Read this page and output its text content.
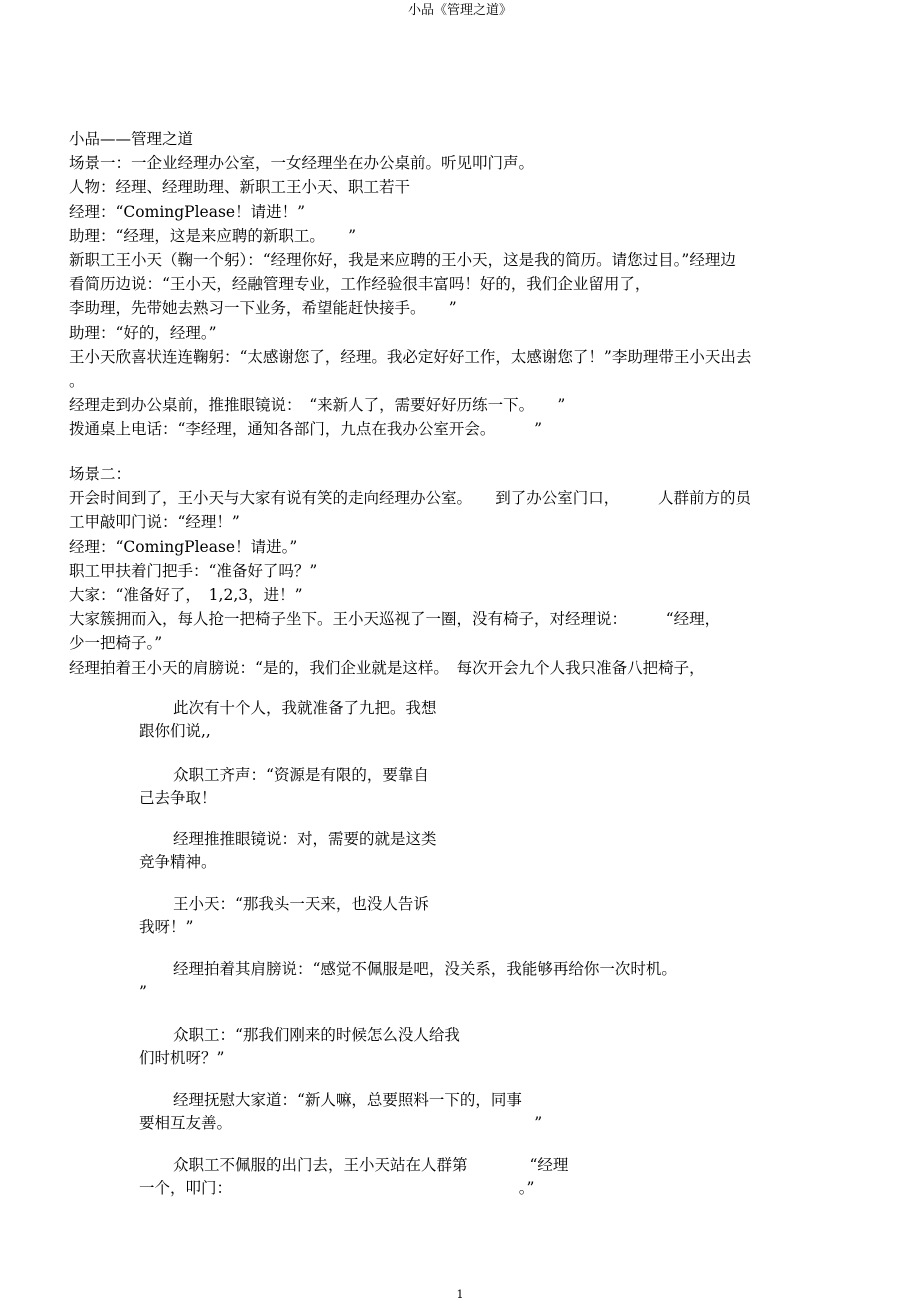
小品《管理之道》

小品——管理之道

场景一：一企业经理办公室，一女经理坐在办公桌前。听见叩门声。

人物：经理、经理助理、新职工王小天、职工若干

经理：“ComingPlease！请进！”

助理：“经理，这是来应聘的新职工。　　”

新职工王小天（鞠一个躬）：“经理你好，我是来应聘的王小天，这是我的简历。请您过目。”经理边

看简历边说：“王小天，经融管理专业，工作经验很丰富吗！好的，我们企业留用了，

李助理，先带她去熟习一下业务，希望能赶快接手。　　”

助理：“好的，经理。”

王小天欣喜状连连鞠躬：“太感谢您了，经理。我必定好好工作，太感谢您了！”李助理带王小天出去

。

经理走到办公桌前，推推眼镜说：　“来新人了，需要好好历练一下。　　”

拨通桌上电话：“李经理，通知各部门，九点在我办公室开会。　　　”

场景二：

开会时间到了，王小天与大家有说有笑的走向经理办公室。　　到了办公室门口，　　　人群前方的员

工甲敲叩门说：“经理！”

经理：“ComingPlease！请进。”

职工甲扶着门把手：“准备好了吗？”

大家：“准备好了，　1,2,3，进！”

大家簇拥而入，每人抢一把椅子坐下。王小天巡视了一圈，没有椅子，对经理说：　　　“经理，

少一把椅子。”

经理拍着王小天的肩膀说：“是的，我们企业就是这样。　每次开会九个人我只准备八把椅子，

此次有十个人，我就准备了九把。我想

跟你们说,,

众职工齐声：“资源是有限的，要靠自

己去争取！

经理推推眼镜说：对，需要的就是这类

竞争精神。

王小天：“那我头一天来，也没人告诉

我呀！”

经理拍着其肩膀说：“感觉不佩服是吧，没关系，我能够再给你一次时机。

”

众职工：“那我们刚来的时候怎么没人给我

们时机呀？”

经理抚慰大家道：“新人嘛，总要照料一下的，同事

要相互友善。　　　　　　　　　　　　　　　　　　　　”

众职工不佩服的出门去，王小天站在人群第　　　　“经理

一个，叩门：　　　　　　　　　　　　　　　　　　　。”

1
